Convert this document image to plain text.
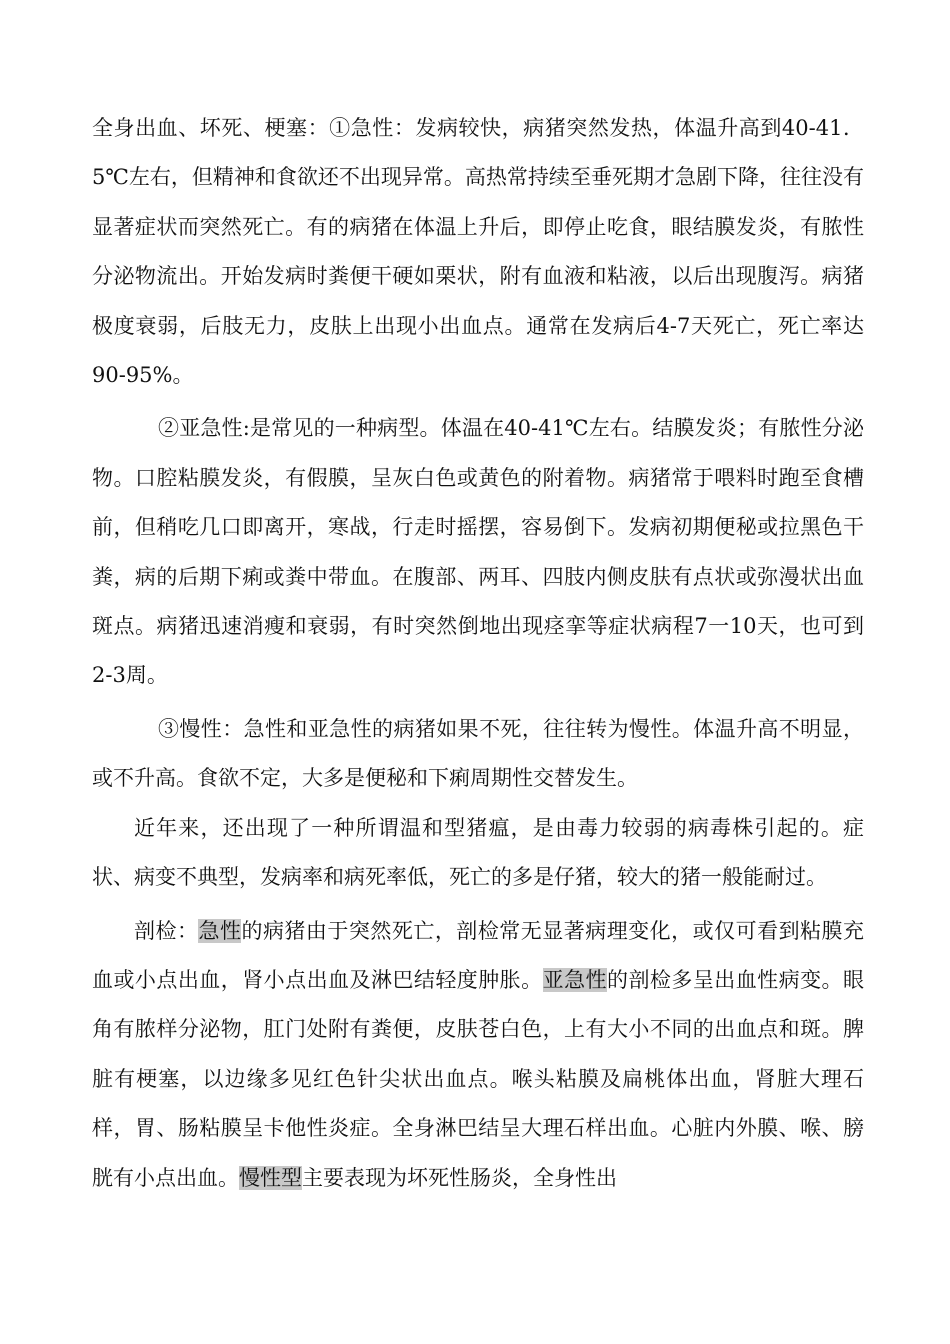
全身出血、坏死、梗塞：①急性：发病较快，病猪突然发热，体温升高到40-41．5℃左右，但精神和食欲还不出现异常。高热常持续至垂死期才急剧下降，往往没有显著症状而突然死亡。有的病猪在体温上升后，即停止吃食，眼结膜发炎，有脓性分泌物流出。开始发病时粪便干硬如栗状，附有血液和粘液，以后出现腹泻。病猪极度衰弱，后肢无力，皮肤上出现小出血点。通常在发病后4-7天死亡，死亡率达90-95%。

②亚急性:是常见的一种病型。体温在40-41℃左右。结膜发炎；有脓性分泌物。口腔粘膜发炎，有假膜，呈灰白色或黄色的附着物。病猪常于喂料时跑至食槽前，但稍吃几口即离开，寒战，行走时摇摆，容易倒下。发病初期便秘或拉黑色干粪，病的后期下痢或粪中带血。在腹部、两耳、四肢内侧皮肤有点状或弥漫状出血斑点。病猪迅速消瘦和衰弱，有时突然倒地出现痉挛等症状病程7一10天，也可到2-3周。

③慢性：急性和亚急性的病猪如果不死，往往转为慢性。体温升高不明显，或不升高。食欲不定，大多是便秘和下痢周期性交替发生。

近年来，还出现了一种所谓温和型猪瘟，是由毒力较弱的病毒株引起的。症状、病变不典型，发病率和病死率低，死亡的多是仔猪，较大的猪一般能耐过。

剖检：急性的病猪由于突然死亡，剖检常无显著病理变化，或仅可看到粘膜充血或小点出血，肾小点出血及淋巴结轻度肿胀。亚急性的剖检多呈出血性病变。眼角有脓样分泌物，肛门处附有粪便，皮肤苍白色，上有大小不同的出血点和斑。脾脏有梗塞，以边缘多见红色针尖状出血点。喉头粘膜及扁桃体出血，肾脏大理石样，胃、肠粘膜呈卡他性炎症。全身淋巴结呈大理石样出血。心脏内外膜、喉、膀胱有小点出血。慢性型主要表现为坏死性肠炎，全身性出
